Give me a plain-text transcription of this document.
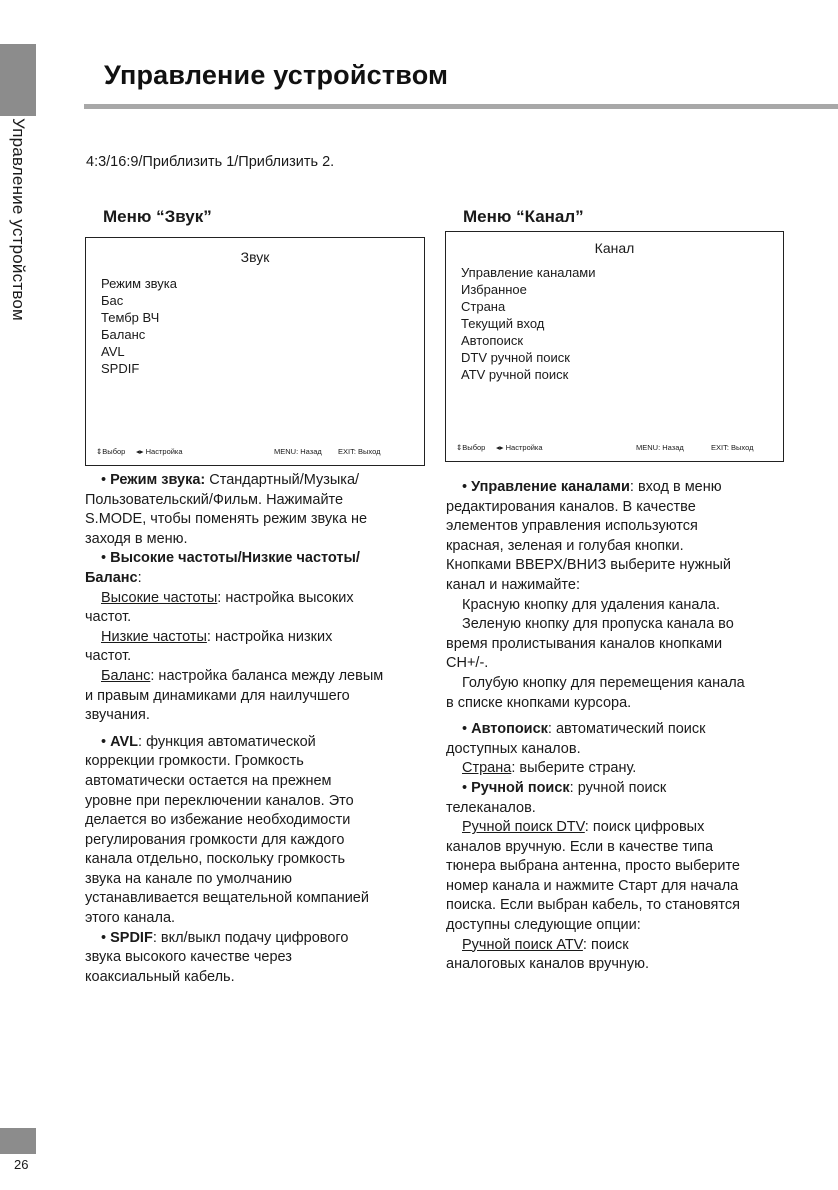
Управление устройством
Управление устройством
4:3/16:9/Приблизить 1/Приблизить 2.
Меню “Звук”
Звук
Режим звука
Бас
Тембр ВЧ
Баланс
AVL
SPDIF
⇕Выбор ◂▸ Настройка	MENU: Назад EXIT: Выход
Меню “Канал”
Канал
Управление каналами
Избранное
Страна
Текущий вход
Автопоиск
DTV ручной поиск
ATV ручной поиск
⇕Выбор ◂▸ Настройка	MENU: Назад	EXIT: Выход

• Режим звука: Стандартный/Музыка/

Пользовательский/Фильм. Нажимайте

S.MODE, чтобы поменять режим звука не

заходя в меню.

• Высокие частоты/Низкие частоты/

Баланс:

Высокие частоты: настройка высоких

частот.

Низкие частоты: настройка низких

частот.

Баланс: настройка баланса между левым

и правым динамиками для наилучшего

звучания.

• AVL: функция автоматической

коррекции громкости. Громкость

автоматически остается на прежнем

уровне при переключении каналов. Это

делается во избежание необходимости

регулирования громкости для каждого

канала отдельно, поскольку громкость

звука на канале по умолчанию

устанавливается вещательной компанией

этого канала.

• SPDIF: вкл/выкл подачу цифрового

звука высокого качестве через

коаксиальный кабель.

• Управление каналами: вход в меню

редактирования каналов. В качестве

элементов управления используются

красная, зеленая и голубая кнопки.

Кнопками ВВЕРХ/ВНИЗ выберите нужный

канал и нажимайте:

Красную кнопку для удаления канала.

Зеленую кнопку для пропуска канала во

время пролистывания каналов кнопками

CH+/-.

Голубую кнопку для перемещения канала

в списке кнопками курсора.

• Автопоиск: автоматический поиск

доступных каналов.

Страна: выберите страну.

• Ручной поиск: ручной поиск

телеканалов.

Ручной поиск DTV: поиск цифровых

каналов вручную. Если в качестве типа

тюнера выбрана антенна, просто выберите

номер канала и нажмите Старт для начала

поиска. Если выбран кабель, то становятся

доступны следующие опции:

Ручной поиск ATV: поиск

аналоговых каналов вручную.

26
